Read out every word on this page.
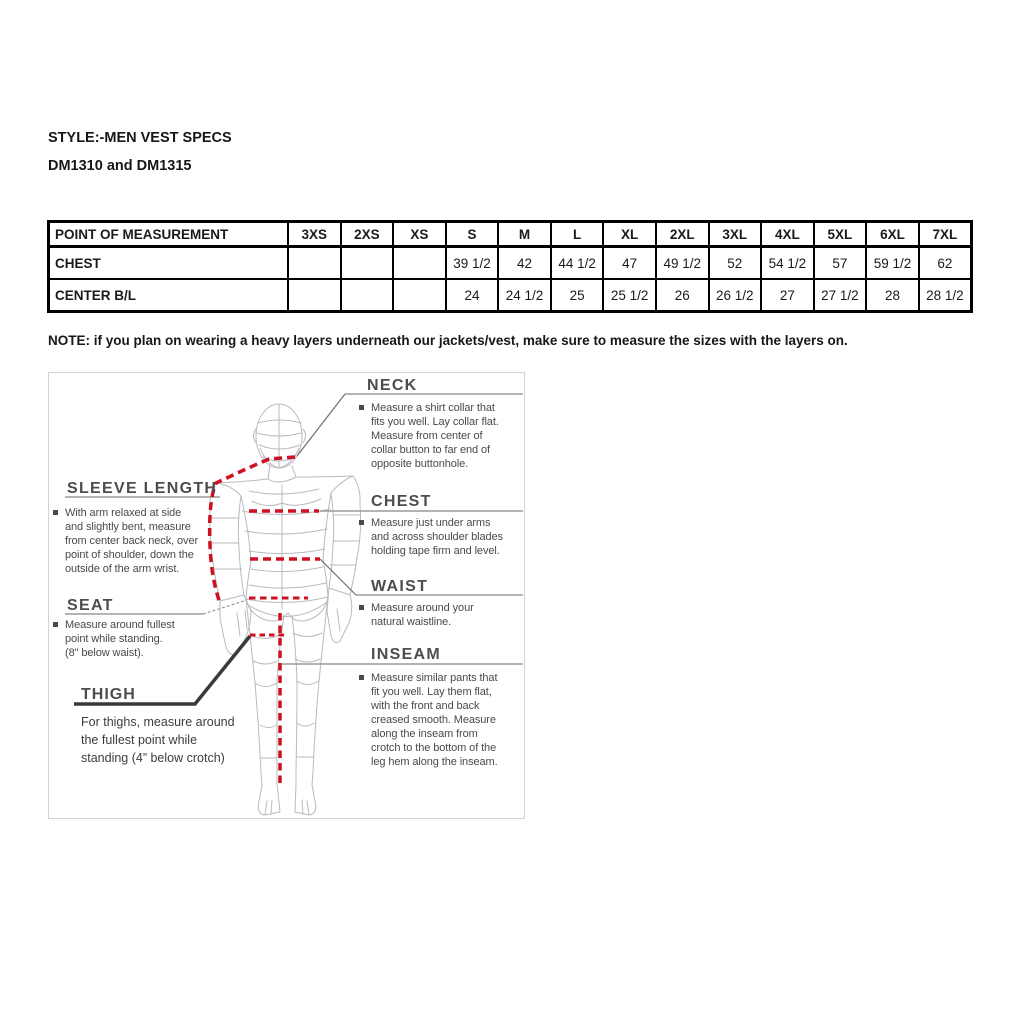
STYLE:-MEN VEST SPECS
DM1310 and DM1315
POINT OF MEASUREMENT	3XS	2XS	XS	S	M	L	XL	2XL	3XL	4XL	5XL	6XL	7XL
CHEST				39 1/2	42	44 1/2	47	49 1/2	52	54 1/2	57	59 1/2	62
CENTER B/L				24	24 1/2	25	25 1/2	26	26 1/2	27	27 1/2	28	28 1/2
NOTE: if you plan on wearing a heavy layers underneath our jackets/vest, make sure to measure the sizes with the layers on.
NECK
Measure a shirt collar that
fits you well. Lay collar flat.
Measure from center of
collar button to far end of
opposite buttonhole.
CHEST
Measure just under arms
and across shoulder blades
holding tape firm and level.
WAIST
Measure around your
natural waistline.
INSEAM
Measure similar pants that
fit you well. Lay them flat,
with the front and back
creased smooth. Measure
along the inseam from
crotch to the bottom of the
leg hem along the inseam.
SLEEVE LENGTH
With arm relaxed at side
and slightly bent, measure
from center back neck, over
point of shoulder, down the
outside of the arm wrist.
SEAT
Measure around fullest
point while standing.
(8" below waist).
THIGH
For thighs, measure around
the fullest point while
standing (4” below crotch)
